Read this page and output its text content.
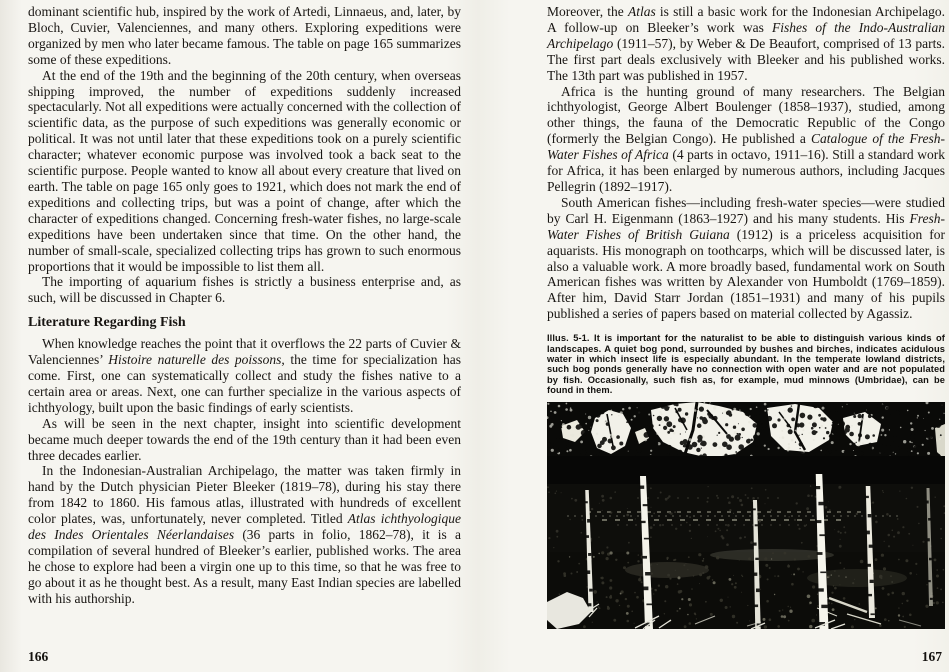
dominant scientific hub, inspired by the work of Artedi, Linnaeus, and, later, by Bloch, Cuvier, Valenciennes, and many others. Exploring expeditions were organized by men who later became famous. The table on page 165 summarizes some of these expeditions.

At the end of the 19th and the beginning of the 20th century, when overseas shipping improved, the number of expeditions suddenly increased spectacularly. Not all expeditions were actually concerned with the collection of scientific data, as the purpose of such expeditions was generally economic or political. It was not until later that these expeditions took on a purely scientific character; whatever economic purpose was involved took a back seat to the scientific purpose. People wanted to know all about every creature that lived on earth. The table on page 165 only goes to 1921, which does not mark the end of expeditions and collecting trips, but was a point of change, after which the character of expeditions changed. Concerning fresh-water fishes, no large-scale expeditions have been undertaken since that time. On the other hand, the number of small-scale, specialized collecting trips has grown to such enormous proportions that it would be impossible to list them all.

The importing of aquarium fishes is strictly a business enterprise and, as such, will be discussed in Chapter 6.

Literature Regarding Fish

When knowledge reaches the point that it overflows the 22 parts of Cuvier & Valenciennes’ Histoire naturelle des poissons, the time for specialization has come. First, one can systematically collect and study the fishes native to a certain area or areas. Next, one can further specialize in the various aspects of ichthyology, built upon the basic findings of early scientists.

As will be seen in the next chapter, insight into scientific development became much deeper towards the end of the 19th century than it had been even three decades earlier.

In the Indonesian-Australian Archipelago, the matter was taken firmly in hand by the Dutch physician Pieter Bleeker (1819–78), during his stay there from 1842 to 1860. His famous atlas, illustrated with hundreds of excellent color plates, was, unfortunately, never completed. Titled Atlas ichthyologique des Indes Orientales Néerlandaises (36 parts in folio, 1862–78), it is a compilation of several hundred of Bleeker’s earlier, published works. The area he chose to explore had been a virgin one up to this time, so that he was free to go about it as he thought best. As a result, many East Indian species are labelled with his authorship.

Moreover, the Atlas is still a basic work for the Indonesian Archipelago. A follow-up on Bleeker’s work was Fishes of the Indo-Australian Archipelago (1911–57), by Weber & De Beaufort, comprised of 13 parts. The first part deals exclusively with Bleeker and his published works. The 13th part was published in 1957.

Africa is the hunting ground of many researchers. The Belgian ichthyologist, George Albert Boulenger (1858–1937), studied, among other things, the fauna of the Democratic Republic of the Congo (formerly the Belgian Congo). He published a Catalogue of the Fresh-Water Fishes of Africa (4 parts in octavo, 1911–16). Still a standard work for Africa, it has been enlarged by numerous authors, including Jacques Pellegrin (1892–1917).

South American fishes—including fresh-water species—were studied by Carl H. Eigenmann (1863–1927) and his many students. His Fresh-Water Fishes of British Guiana (1912) is a priceless acquisition for aquarists. His monograph on toothcarps, which will be discussed later, is also a valuable work. A more broadly based, fundamental work on South American fishes was written by Alexander von Humboldt (1769–1859). After him, David Starr Jordan (1851–1931) and many of his pupils published a series of papers based on material collected by Agassiz.

Illus. 5-1. It is important for the naturalist to be able to distinguish various kinds of landscapes. A quiet bog pond, surrounded by bushes and birches, indicates acidulous water in which insect life is especially abundant. In the temperate lowland districts, such bog ponds generally have no connection with open water and are not populated by fish. Occasionally, such fish as, for example, mud minnows (Umbridae), can be found in them.
166	167
